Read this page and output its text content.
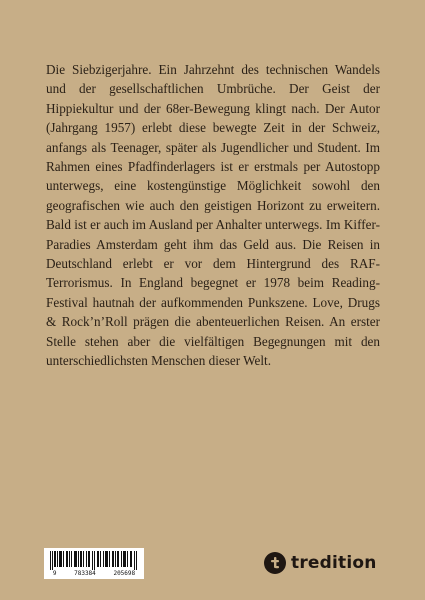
Die Siebzigerjahre. Ein Jahrzehnt des technischen Wandels und der gesellschaftlichen Umbrüche. Der Geist der Hippiekultur und der 68er-Bewegung klingt nach. Der Autor (Jahrgang 1957) erlebt diese bewegte Zeit in der Schweiz, anfangs als Teenager, später als Jugendlicher und Student. Im Rahmen eines Pfadfinderlagers ist er erstmals per Autostopp unterwegs, eine kostengünstige Möglichkeit sowohl den geografischen wie auch den geistigen Horizont zu erweitern. Bald ist er auch im Ausland per Anhalter unterwegs. Im Kiffer-Paradies Amsterdam geht ihm das Geld aus. Die Reisen in Deutschland erlebt er vor dem Hintergrund des RAF-Terrorismus. In England begegnet er 1978 beim Reading-Festival hautnah der aufkommenden Punkszene. Love, Drugs & Rock’n’Roll prägen die abenteuerlichen Reisen. An erster Stelle stehen aber die vielfältigen Begegnungen mit den unterschiedlichsten Menschen dieser Welt.

9	783384	205698
tredition
